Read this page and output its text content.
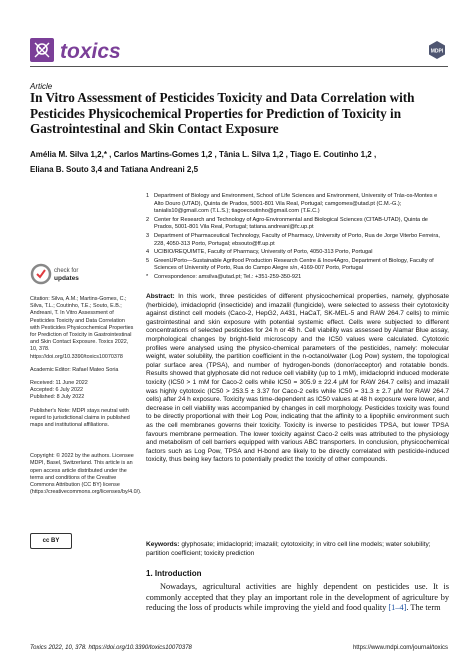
toxics	MDPI
Article
In Vitro Assessment of Pesticides Toxicity and Data Correlation with Pesticides Physicochemical Properties for Prediction of Toxicity in Gastrointestinal and Skin Contact Exposure
Amélia M. Silva 1,2,* , Carlos Martins-Gomes 1,2 , Tânia L. Silva 1,2 , Tiago E. Coutinho 1,2 ,
Eliana B. Souto 3,4 and Tatiana Andreani 2,5
1 Department of Biology and Environment, School of Life Sciences and Environment, University of Trás-os-Montes e Alto Douro (UTAD), Quinta de Prados, 5001-801 Vila Real, Portugal; camgomes@utad.pt (C.M.-G.); tanialis10@gmail.com (T.L.S.); tiagoecoutinho@gmail.com (T.E.C.)
2 Center for Research and Technology of Agro-Environmental and Biological Sciences (CITAB-UTAD), Quinta de Prados, 5001-801 Vila Real, Portugal; tatiana.andreani@fc.up.pt
3 Department of Pharmaceutical Technology, Faculty of Pharmacy, University of Porto, Rua de Jorge Viterbo Ferreira, 228, 4050-313 Porto, Portugal; ebsouto@ff.up.pt
4 UCIBIO/REQUIMTE, Faculty of Pharmacy, University of Porto, 4050-313 Porto, Portugal
5 GreenUPorto—Sustainable Agrifood Production Research Centre & Inov4Agro, Department of Biology, Faculty of Sciences of University of Porto, Rua do Campo Alegre s/n, 4169-007 Porto, Portugal
* Correspondence: amsilva@utad.pt; Tel.: +351-259-350-921
check for
updates

Citation: Silva, A.M.; Martins-Gomes, C.; Silva, T.L.; Coutinho, T.E.; Souto, E.B.; Andreani, T. In Vitro Assessment of Pesticides Toxicity and Data Correlation with Pesticides Physicochemical Properties for Prediction of Toxicity in Gastrointestinal and Skin Contact Exposure. Toxics 2022, 10, 378. https://doi.org/10.3390/toxics10070378

Academic Editor: Rafael Mateo Soria

Received: 11 June 2022

Accepted: 6 July 2022

Published: 8 July 2022

Publisher's Note: MDPI stays neutral with regard to jurisdictional claims in published maps and institutional affiliations.

Copyright: © 2022 by the authors. Licensee MDPI, Basel, Switzerland. This article is an open access article distributed under the terms and conditions of the Creative Commons Attribution (CC BY) license (https://creativecommons.org/licenses/by/4.0/).

cc BY
Abstract: In this work, three pesticides of different physicochemical properties, namely, glyphosate (herbicide), imidacloprid (insecticide) and imazalil (fungicide), were selected to assess their cytotoxicity against distinct cell models (Caco-2, HepG2, A431, HaCaT, SK-MEL-5 and RAW 264.7 cells) to mimic gastrointestinal and skin exposure with potential systemic effect. Cells were subjected to different concentrations of selected pesticides for 24 h or 48 h. Cell viability was assessed by Alamar Blue assay, morphological changes by bright-field microscopy and the IC50 values were calculated. Cytotoxic profiles were analysed using the physico-chemical parameters of the pesticides, namely: molecular weight, water solubility, the partition coefficient in the n-octanol/water (Log Pow) system, the topological polar surface area (TPSA), and number of hydrogen-bonds (donor/acceptor) and rotatable bonds. Results showed that glyphosate did not reduce cell viability (up to 1 mM), imidacloprid induced moderate toxicity (IC50 > 1 mM for Caco-2 cells while IC50 = 305.9 ± 22.4 µM for RAW 264.7 cells) and imazalil was highly cytotoxic (IC50 > 253.5 ± 3.37 for Caco-2 cells while IC50 = 31.3 ± 2.7 µM for RAW 264.7 cells) after 24 h exposure. Toxicity was time-dependent as IC50 values at 48 h exposure were lower, and decrease in cell viability was accompanied by changes in cell morphology. Pesticides toxicity was found to be directly proportional with their Log Pow, indicating that the affinity to a lipophilic environment such as the cell membranes governs their toxicity. Toxicity is inverse to pesticides TPSA, but lower TPSA favours membrane permeation. The lower toxicity against Caco-2 cells was attributed to the physiology and metabolism of cell barriers equipped with various ABC transporters. In conclusion, physicochemical factors such as Log Pow, TPSA and H-bond are likely to be directly correlated with pesticide-induced toxicity, thus being key factors to potentially predict the toxicity of other compounds.
Keywords: glyphosate; imidacloprid; imazalil; cytotoxicity; in vitro cell line models; water solubility; partition coefficient; toxicity prediction
1. Introduction
Nowadays, agricultural activities are highly dependent on pesticides use. It is commonly accepted that they play an important role in the development of agriculture by reducing the loss of products while improving the yield and food quality [1–4]. The term
Toxics 2022, 10, 378. https://doi.org/10.3390/toxics10070378	https://www.mdpi.com/journal/toxics
